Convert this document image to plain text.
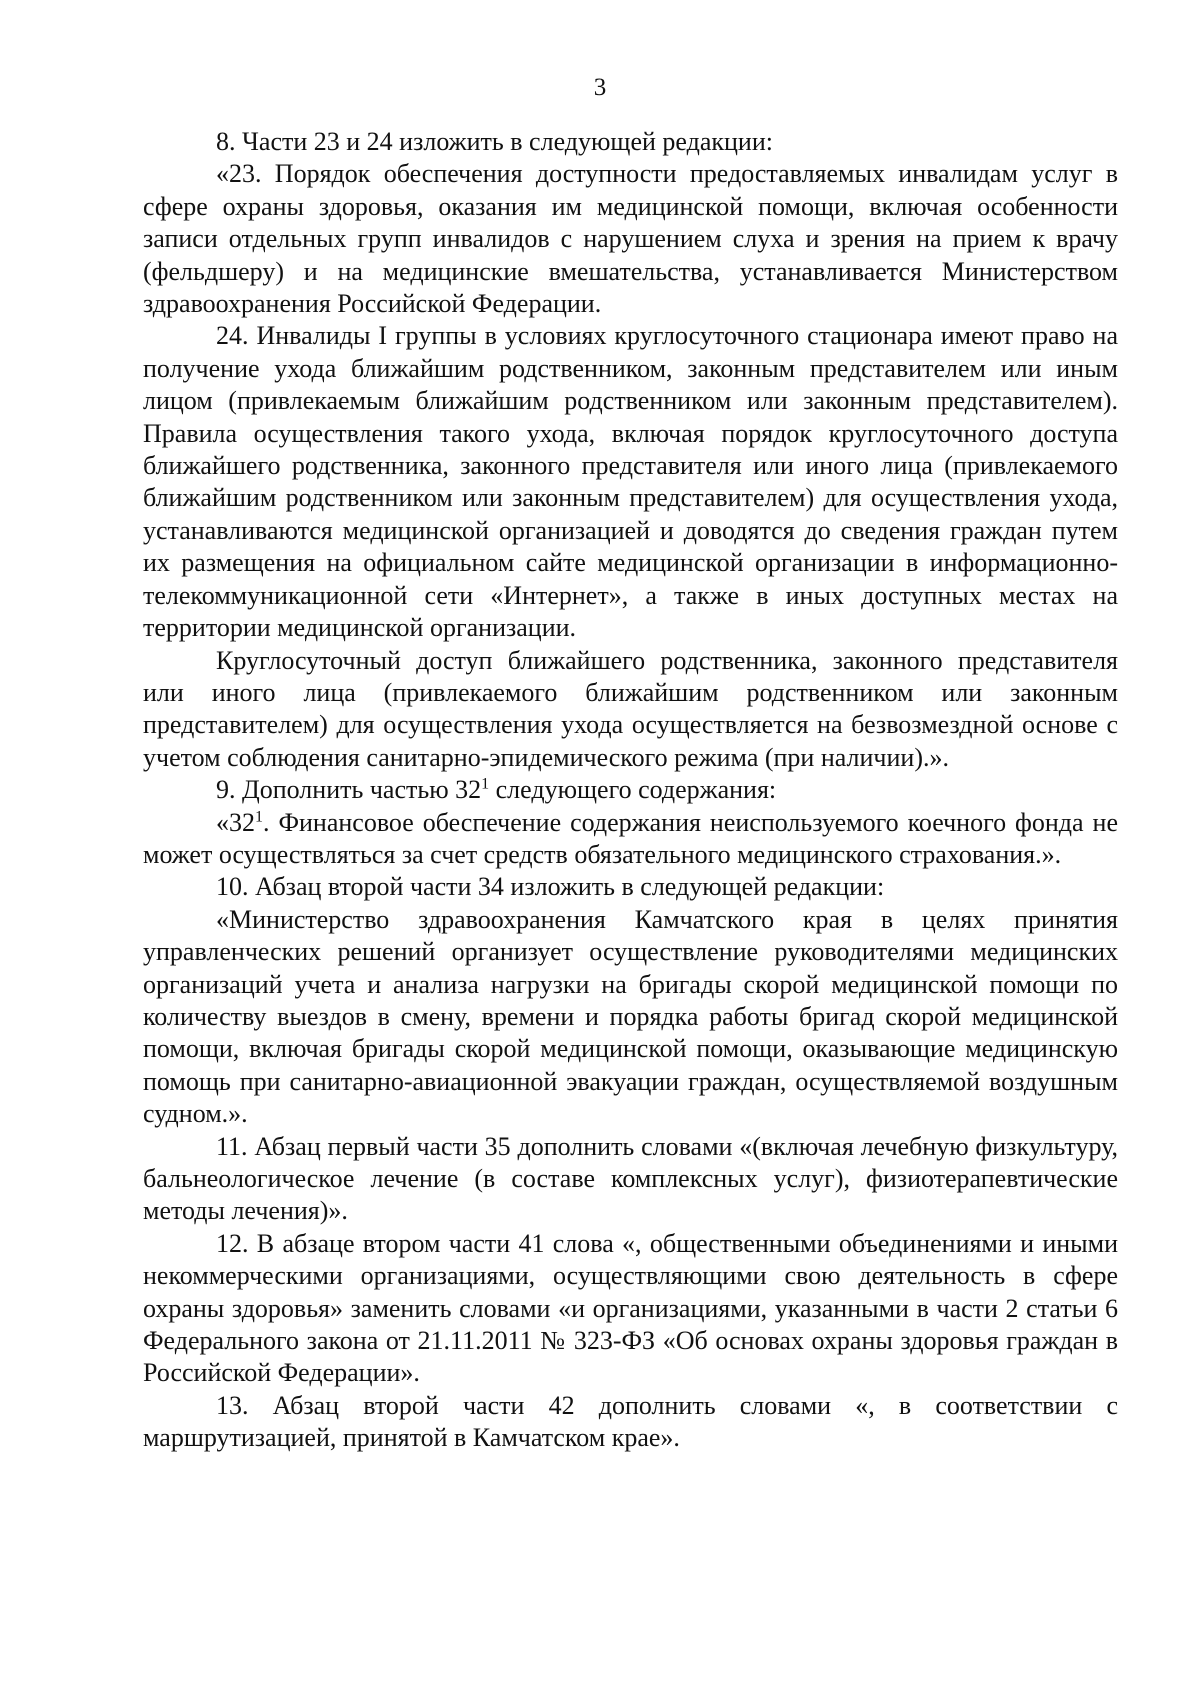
3

8. Части 23 и 24 изложить в следующей редакции:

«23. Порядок обеспечения доступности предоставляемых инвалидам услуг в сфере охраны здоровья, оказания им медицинской помощи, включая особенности записи отдельных групп инвалидов с нарушением слуха и зрения на прием к врачу (фельдшеру) и на медицинские вмешательства, устанавливается Министерством здравоохранения Российской Федерации.

24. Инвалиды I группы в условиях круглосуточного стационара имеют право на получение ухода ближайшим родственником, законным представителем или иным лицом (привлекаемым ближайшим родственником или законным представителем). Правила осуществления такого ухода, включая порядок круглосуточного доступа ближайшего родственника, законного представителя или иного лица (привлекаемого ближайшим родственником или законным представителем) для осуществления ухода, устанавливаются медицинской организацией и доводятся до сведения граждан путем их размещения на официальном сайте медицинской организации в информационно-телекоммуникационной сети «Интернет», а также в иных доступных местах на территории медицинской организации.

Круглосуточный доступ ближайшего родственника, законного представителя или иного лица (привлекаемого ближайшим родственником или законным представителем) для осуществления ухода осуществляется на безвозмездной основе с учетом соблюдения санитарно-эпидемического режима (при наличии).».

9. Дополнить частью $32^1$ следующего содержания:

«$32^1$. Финансовое обеспечение содержания неиспользуемого коечного фонда не может осуществляться за счет средств обязательного медицинского страхования.».

10. Абзац второй части 34 изложить в следующей редакции:

«Министерство здравоохранения Камчатского края в целях принятия управленческих решений организует осуществление руководителями медицинских организаций учета и анализа нагрузки на бригады скорой медицинской помощи по количеству выездов в смену, времени и порядка работы бригад скорой медицинской помощи, включая бригады скорой медицинской помощи, оказывающие медицинскую помощь при санитарно-авиационной эвакуации граждан, осуществляемой воздушным судном.».

11. Абзац первый части 35 дополнить словами «(включая лечебную физкультуру, бальнеологическое лечение (в составе комплексных услуг), физиотерапевтические методы лечения)».

12. В абзаце втором части 41 слова «, общественными объединениями и иными некоммерческими организациями, осуществляющими свою деятельность в сфере охраны здоровья» заменить словами «и организациями, указанными в части 2 статьи 6 Федерального закона от 21.11.2011 № 323-ФЗ «Об основах охраны здоровья граждан в Российской Федерации».

13. Абзац второй части 42 дополнить словами «, в соответствии с маршрутизацией, принятой в Камчатском крае».
